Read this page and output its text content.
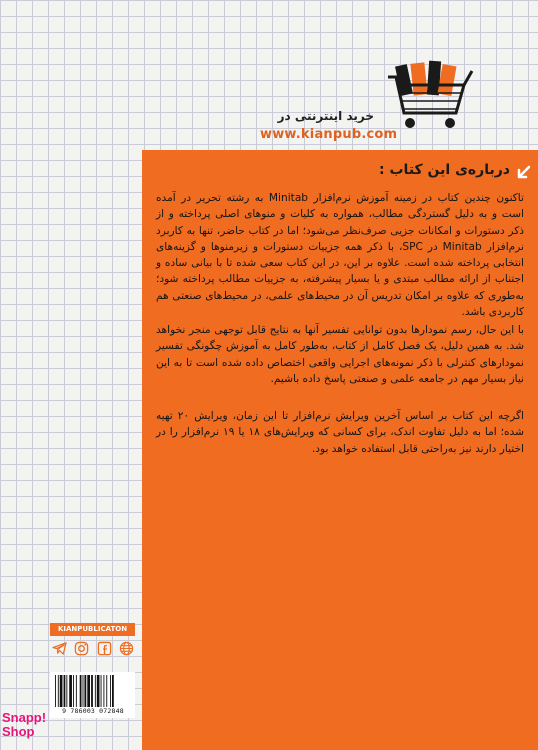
خرید اینترنتی در
www.kianpub.com
درباره‌ی این کتاب :
تاکنون چندین کتاب در زمینه آموزش نرم‌افزار Minitab به رشته تحریر در آمده است و به دلیل گستردگی مطالب، همواره به کلیات و منوهای اصلی پرداخته و از ذکر دستورات و امکانات جزیی صرف‌نظر می‌شود؛ اما در کتاب حاضر، تنها به کاربرد نرم‌افزار Minitab در SPC، با ذکر همه جزییات دستورات و زیرمنوها و گزینه‌های انتخابی پرداخته شده است. علاوه بر این، در این کتاب سعی شده تا با بیانی ساده و اجتناب از ارائه مطالب مبتدی و یا بسیار پیشرفته، به جزییات مطالب پرداخته شود؛ به‌طوری که علاوه بر امکان تدریس آن در محیط‌های علمی، در محیط‌های صنعتی هم کاربردی باشد.
با این حال، رسم نمودارها بدون توانایی تفسیر آنها به نتایج قابل توجهی منجر نخواهد شد. به همین دلیل، یک فصل کامل از کتاب، به‌طور کامل به آموزش چگونگی تفسیر نمودارهای کنترلی با ذکر نمونه‌های اجرایی واقعی اختصاص داده شده است تا به این نیاز بسیار مهم در جامعه علمی و صنعتی پاسخ داده باشیم.
اگرچه این کتاب بر اساس آخرین ویرایش نرم‌افزار تا این زمان، ویرایش ۲۰ تهیه شده؛ اما به دلیل تفاوت اندک، برای کسانی که ویرایش‌های ۱۸ یا ۱۹ نرم‌افزار را در اختیار دارند نیز به‌راحتی قابل استفاده خواهد بود.
KIANPUBLICATON
9 786003 072848
Snapp!
Shop
